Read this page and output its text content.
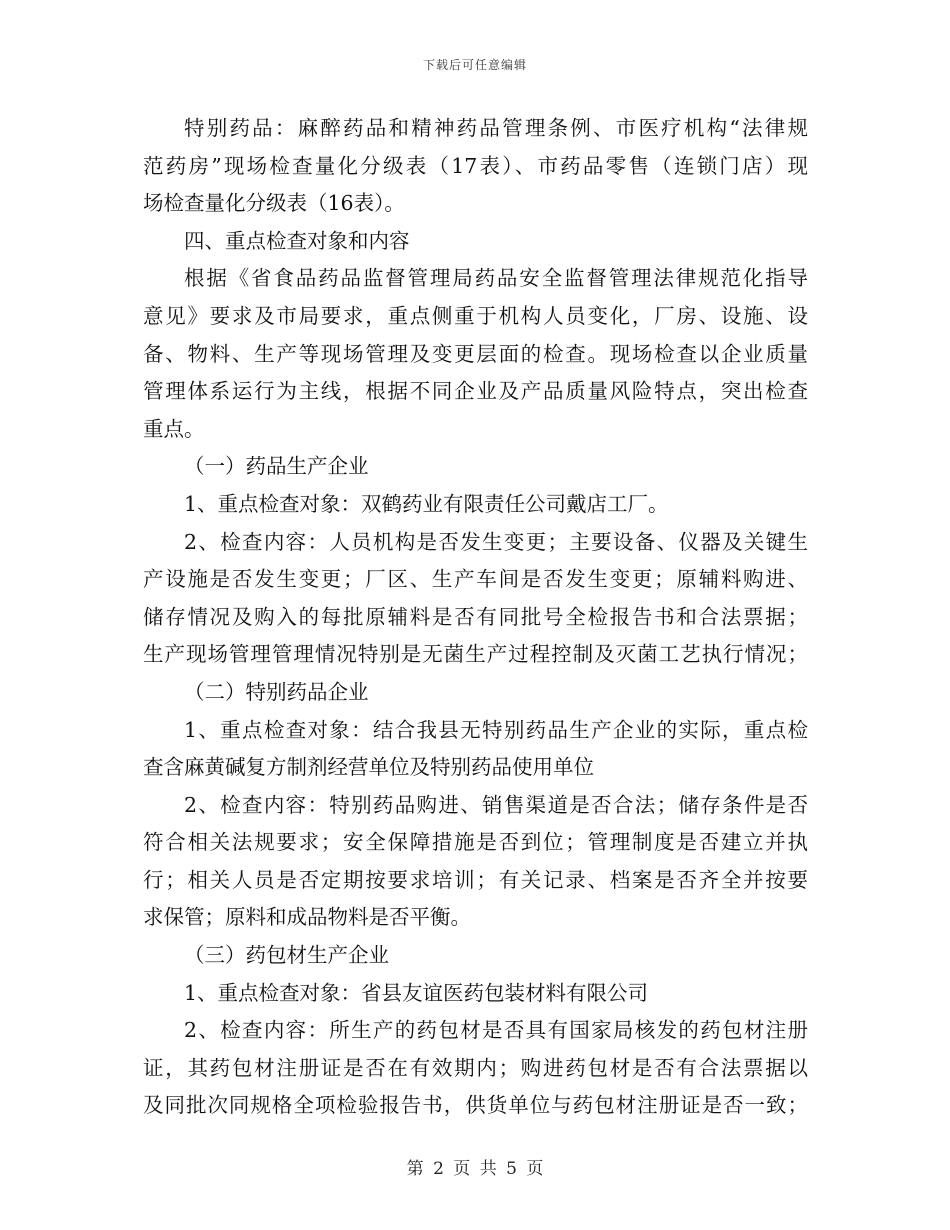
下载后可任意编辑
特别药品：麻醉药品和精神药品管理条例、市医疗机构“法律规
范药房”现场检查量化分级表（17表）、市药品零售（连锁门店）现
场检查量化分级表（16表）。
四、重点检查对象和内容
根据《省食品药品监督管理局药品安全监督管理法律规范化指导
意见》要求及市局要求，重点侧重于机构人员变化，厂房、设施、设
备、物料、生产等现场管理及变更层面的检查。现场检查以企业质量
管理体系运行为主线，根据不同企业及产品质量风险特点，突出检查
重点。
（一）药品生产企业
1、重点检查对象：双鹤药业有限责任公司戴店工厂。
2、检查内容：人员机构是否发生变更；主要设备、仪器及关键生
产设施是否发生变更；厂区、生产车间是否发生变更；原辅料购进、
储存情况及购入的每批原辅料是否有同批号全检报告书和合法票据；
生产现场管理管理情况特别是无菌生产过程控制及灭菌工艺执行情况；
（二）特别药品企业
1、重点检查对象：结合我县无特别药品生产企业的实际，重点检
查含麻黄碱复方制剂经营单位及特别药品使用单位
2、检查内容：特别药品购进、销售渠道是否合法；储存条件是否
符合相关法规要求；安全保障措施是否到位；管理制度是否建立并执
行；相关人员是否定期按要求培训；有关记录、档案是否齐全并按要
求保管；原料和成品物料是否平衡。
（三）药包材生产企业
1、重点检查对象：省县友谊医药包装材料有限公司
2、检查内容：所生产的药包材是否具有国家局核发的药包材注册
证，其药包材注册证是否在有效期内；购进药包材是否有合法票据以
及同批次同规格全项检验报告书，供货单位与药包材注册证是否一致；
第 2 页 共 5 页
